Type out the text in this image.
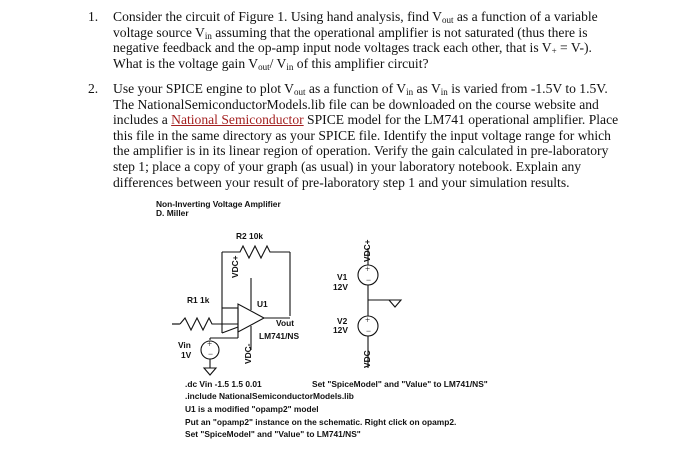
1. Consider the circuit of Figure 1. Using hand analysis, find $V_{out}$ as a function of a variable
voltage source $V_{in}$ assuming that the operational amplifier is not saturated (thus there is
negative feedback and the op-amp input node voltages track each other, that is $V_+ = V-$).
What is the voltage gain $V_{out}/$ $V_{in}$ of this amplifier circuit?
2. Use your SPICE engine to plot $V_{out}$ as a function of $V_{in}$ as $V_{in}$ is varied from -1.5V to 1.5V.
The NationalSemiconductorModels.lib file can be downloaded on the course website and
includes a National Semiconductor SPICE model for the LM741 operational amplifier. Place
this file in the same directory as your SPICE file. Identify the input voltage range for which
the amplifier is in its linear region of operation. Verify the gain calculated in pre-laboratory
step 1; place a copy of your graph (as usual) in your laboratory notebook. Explain any
differences between your result of pre-laboratory step 1 and your simulation results.
+
−
+
−
+
−
Non-Inverting Voltage Amplifier
D. Miller
R2 10k
R1 1k	U1
Vout
LM741/NS
Vin
1V
V1
12V
V2
12V
VDC+
VDC+
VDC-	VDC-
.dc Vin -1.5 1.5 0.01	Set "SpiceModel" and "Value" to LM741/NS"
.include NationalSemiconductorModels.lib
U1 is a modified "opamp2" model
Put an "opamp2" instance on the schematic. Right click on opamp2.
Set "SpiceModel" and "Value" to LM741/NS"
